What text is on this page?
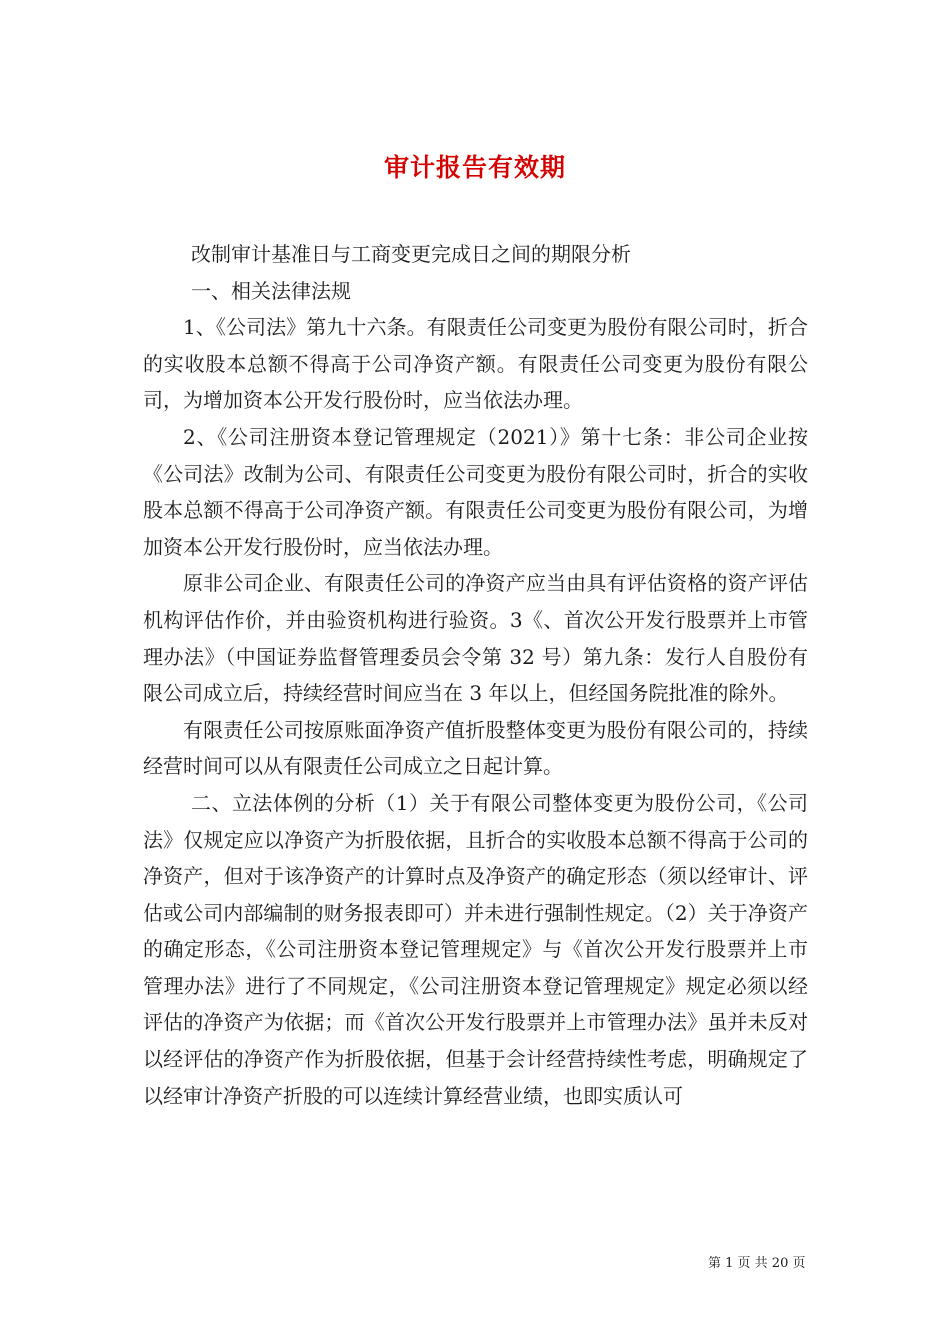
审计报告有效期

改制审计基准日与工商变更完成日之间的期限分析

一、相关法律法规

1、《公司法》第九十六条。有限责任公司变更为股份有限公司时，折合的实收股本总额不得高于公司净资产额。有限责任公司变更为股份有限公司，为增加资本公开发行股份时，应当依法办理。

2、《公司注册资本登记管理规定（2021）》第十七条：非公司企业按《公司法》改制为公司、有限责任公司变更为股份有限公司时，折合的实收股本总额不得高于公司净资产额。有限责任公司变更为股份有限公司，为增加资本公开发行股份时，应当依法办理。

原非公司企业、有限责任公司的净资产应当由具有评估资格的资产评估机构评估作价，并由验资机构进行验资。3《、首次公开发行股票并上市管理办法》（中国证券监督管理委员会令第 32 号）第九条：发行人自股份有限公司成立后，持续经营时间应当在 3 年以上，但经国务院批准的除外。

有限责任公司按原账面净资产值折股整体变更为股份有限公司的，持续经营时间可以从有限责任公司成立之日起计算。

二、立法体例的分析（1）关于有限公司整体变更为股份公司，《公司法》仅规定应以净资产为折股依据，且折合的实收股本总额不得高于公司的净资产，但对于该净资产的计算时点及净资产的确定形态（须以经审计、评估或公司内部编制的财务报表即可）并未进行强制性规定。（2）关于净资产的确定形态，《公司注册资本登记管理规定》与《首次公开发行股票并上市管理办法》进行了不同规定，《公司注册资本登记管理规定》规定必须以经评估的净资产为依据；而《首次公开发行股票并上市管理办法》虽并未反对以经评估的净资产作为折股依据，但基于会计经营持续性考虑，明确规定了以经审计净资产折股的可以连续计算经营业绩，也即实质认可

第 1 页 共 20 页
